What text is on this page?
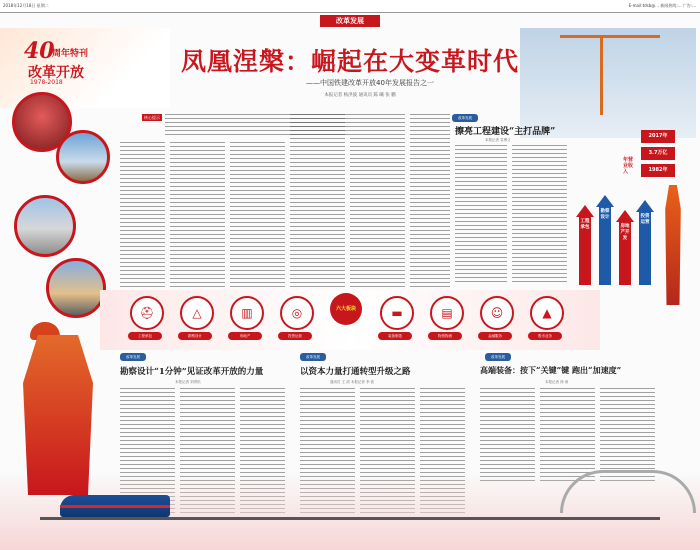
2018年12月18日 星期二	E-mail:tdsb@... 新闻热线:... 广告:...
改革发展
40
周年特刊
改革开放
1978-2018
凤凰涅槃：崛起在大变革时代
——中国铁建改革开放40年发展报告之一
本报记者 杨洪波 通讯员 陈 曦 张 鹏
核心提示	改革发展
擦亮工程建设“主打品牌”
本报记者 袁博文
年营业收入
2017年
3.7万亿
1982年
工程承包
勘察设计
房地产开发
投资运营
⛑	△	▥	◎	六大板块	▬	▤	☺	▲
工程承包	勘察设计	房地产	投资运营	装备制造	物资物流	金融服务	股市业务
改革发展
勘察设计“1分钟”见证改革开放的力量
本报记者 刘青松
改革发展
以资本力量打通转型升级之路
通讯员 王 清 本报记者 李 波
改革发展
高端装备：按下“关键”键 跑出“加速度”
本报记者 徐 涛
